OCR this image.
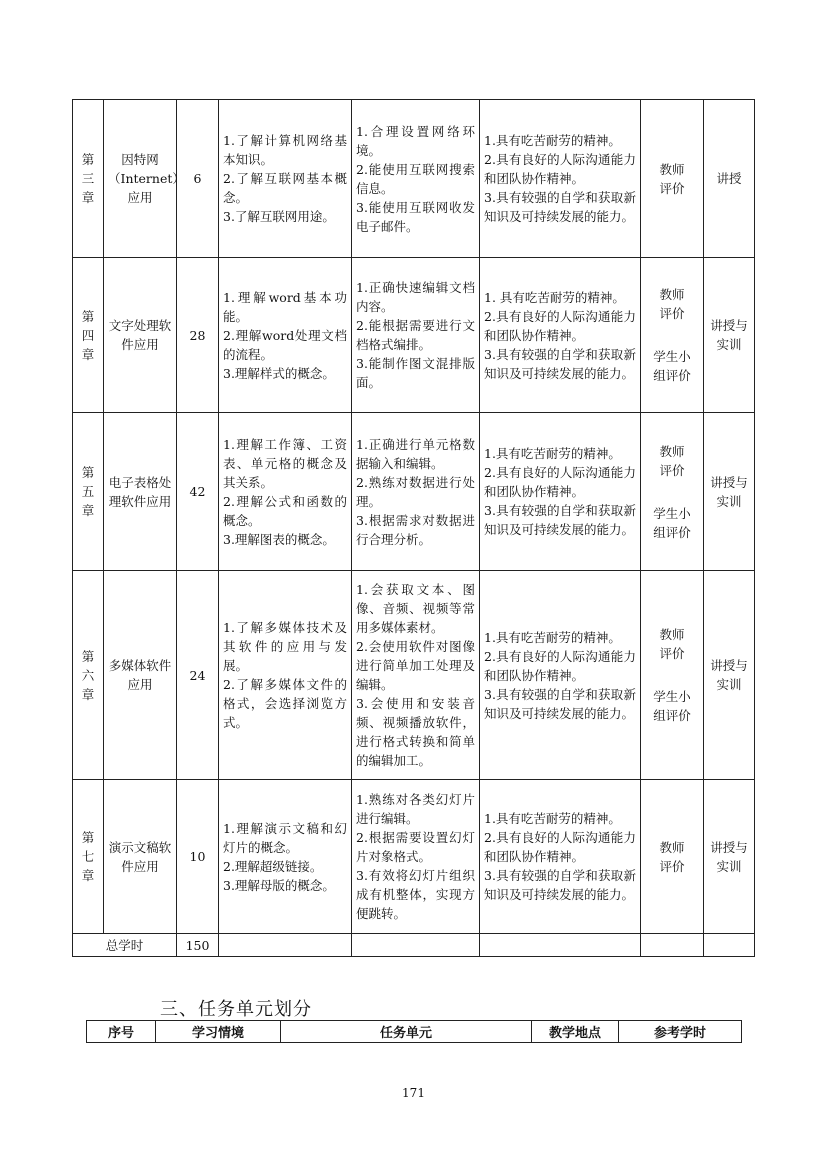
第
三
章	因特网（Internet）应用	6	1.了解计算机网络基本知识。
2.了解互联网基本概念。
3.了解互联网用途。	1.合理设置网络环境。
2.能使用互联网搜索信息。
3.能使用互联网收发电子邮件。	1.具有吃苦耐劳的精神。
2.具有良好的人际沟通能力和团队协作精神。
3.具有较强的自学和获取新知识及可持续发展的能力。	教师
评价	讲授

第
四
章	文字处理软件应用	28	1.理解word基本功能。
2.理解word处理文档的流程。
3.理解样式的概念。	1.正确快速编辑文档内容。
2.能根据需要进行文档格式编排。
3.能制作图文混排版面。	1. 具有吃苦耐劳的精神。
2.具有良好的人际沟通能力和团队协作精神。
3.具有较强的自学和获取新知识及可持续发展的能力。	教师
评价
学生小
组评价	讲授与实训

第
五
章	电子表格处理软件应用	42	1.理解工作簿、工资表、单元格的概念及其关系。
2.理解公式和函数的概念。
3.理解图表的概念。	1.正确进行单元格数据输入和编辑。
2.熟练对数据进行处理。
3.根据需求对数据进行合理分析。	1.具有吃苦耐劳的精神。
2.具有良好的人际沟通能力和团队协作精神。
3.具有较强的自学和获取新知识及可持续发展的能力。	教师
评价
学生小
组评价	讲授与实训

第
六
章	多媒体软件应用	24	1.了解多媒体技术及其软件的应用与发展。
2.了解多媒体文件的格式，会选择浏览方式。	1.会获取文本、图像、音频、视频等常用多媒体素材。
2.会使用软件对图像进行简单加工处理及编辑。
3.会使用和安装音频、视频播放软件，进行格式转换和简单的编辑加工。	1.具有吃苦耐劳的精神。
2.具有良好的人际沟通能力和团队协作精神。
3.具有较强的自学和获取新知识及可持续发展的能力。	教师
评价
学生小
组评价	讲授与实训

第
七
章	演示文稿软件应用	10	1.理解演示文稿和幻灯片的概念。
2.理解超级链接。
3.理解母版的概念。	1.熟练对各类幻灯片进行编辑。
2.根据需要设置幻灯片对象格式。
3.有效将幻灯片组织成有机整体，实现方便跳转。	1.具有吃苦耐劳的精神。
2.具有良好的人际沟通能力和团队协作精神。
3.具有较强的自学和获取新知识及可持续发展的能力。	教师
评价	讲授与实训
总学时		150					
三、任务单元划分
序号	学习情境	任务单元	教学地点	参考学时
171
